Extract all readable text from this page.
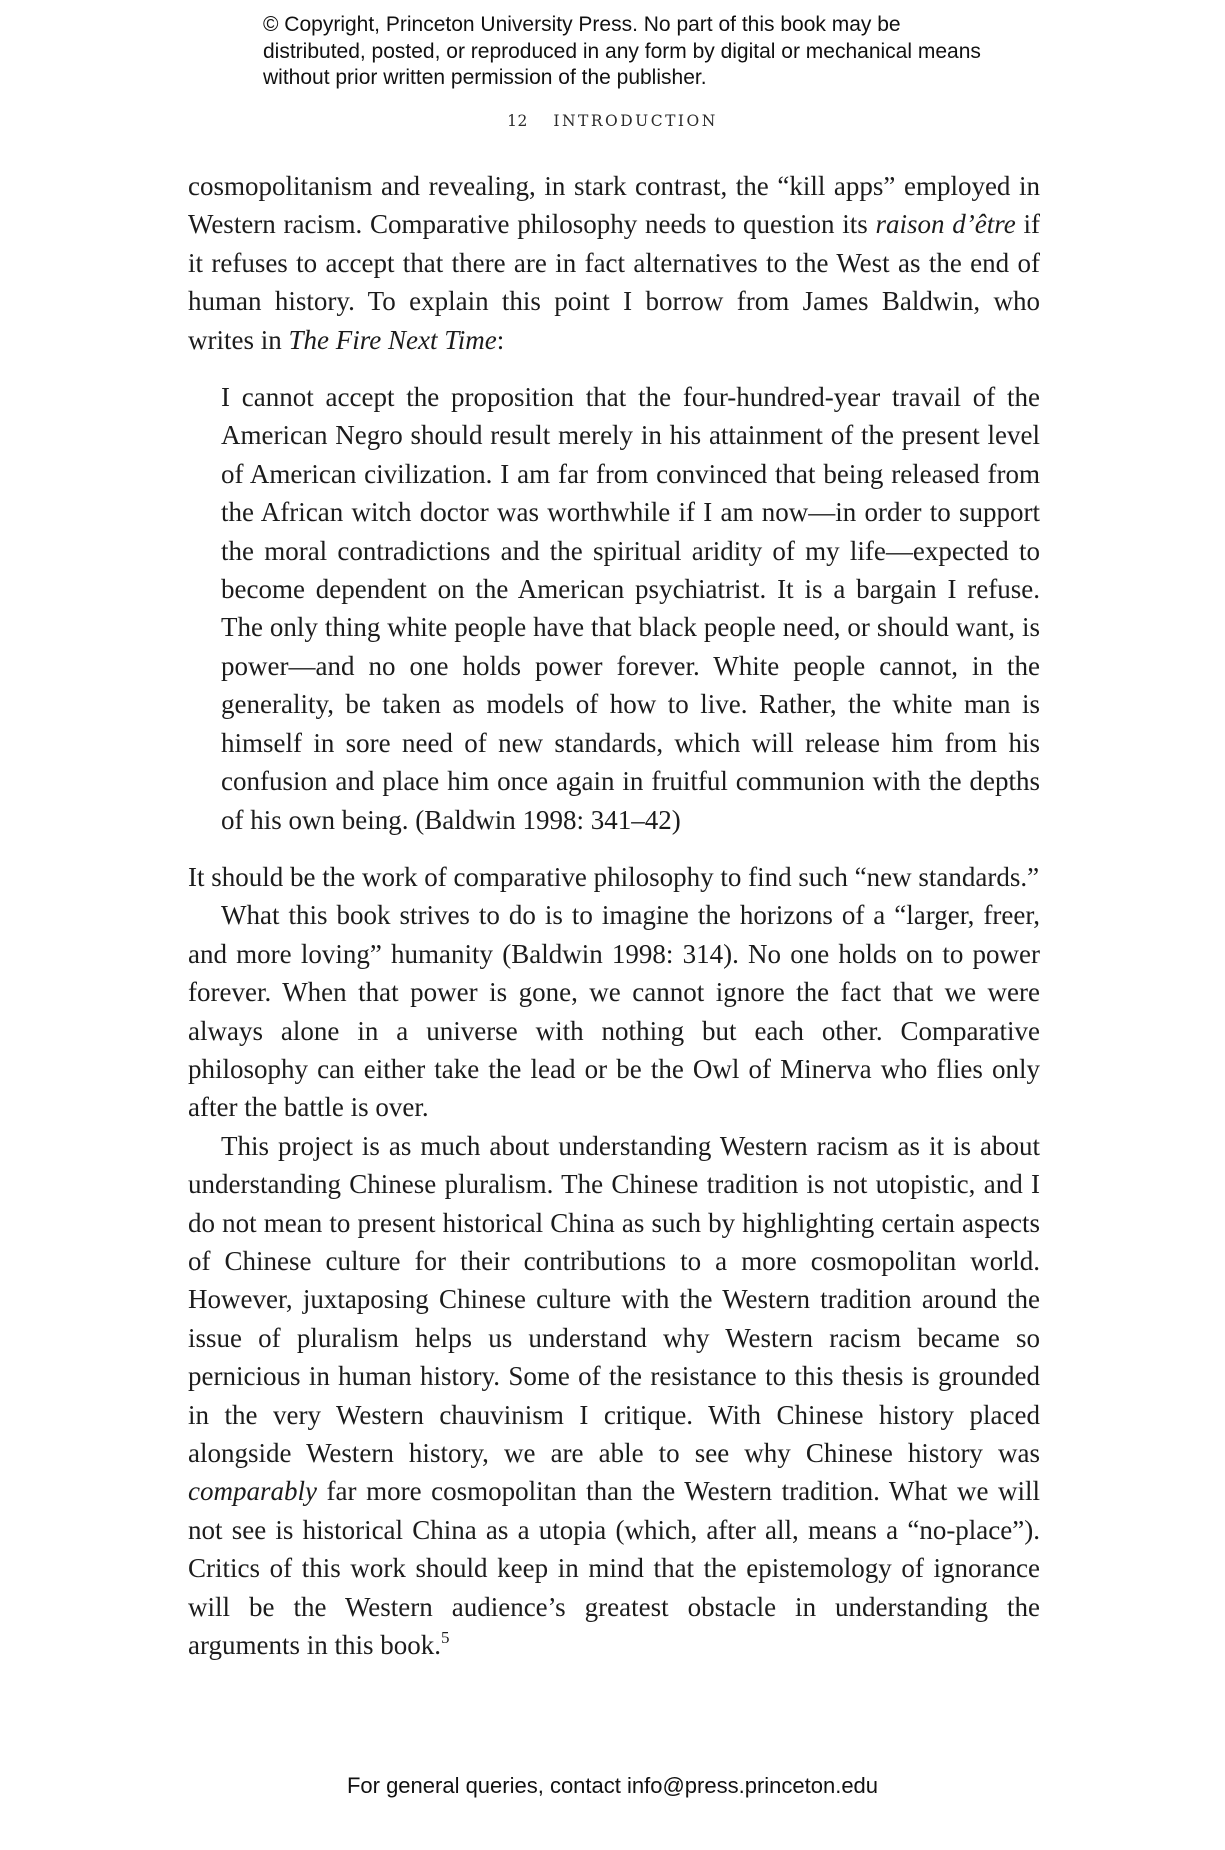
© Copyright, Princeton University Press. No part of this book may be distributed, posted, or reproduced in any form by digital or mechanical means without prior written permission of the publisher.
12 INTRODUCTION

cosmopolitanism and revealing, in stark contrast, the “kill apps” employed in Western racism. Comparative philosophy needs to question its raison d’être if it refuses to accept that there are in fact alternatives to the West as the end of human history. To explain this point I borrow from James Baldwin, who writes in The Fire Next Time:

I cannot accept the proposition that the four-hundred-year travail of the American Negro should result merely in his attainment of the present level of American civilization. I am far from convinced that being released from the African witch doctor was worthwhile if I am now—in order to support the moral contradictions and the spiritual aridity of my life—expected to become dependent on the American psychiatrist. It is a bargain I refuse. The only thing white people have that black people need, or should want, is power—and no one holds power forever. White people cannot, in the generality, be taken as models of how to live. Rather, the white man is himself in sore need of new standards, which will release him from his confusion and place him once again in fruitful communion with the depths of his own being. (Baldwin 1998: 341–42)

It should be the work of comparative philosophy to find such “new standards.”

What this book strives to do is to imagine the horizons of a “larger, freer, and more loving” humanity (Baldwin 1998: 314). No one holds on to power forever. When that power is gone, we cannot ignore the fact that we were always alone in a universe with nothing but each other. Comparative philosophy can either take the lead or be the Owl of Minerva who flies only after the battle is over.

This project is as much about understanding Western racism as it is about understanding Chinese pluralism. The Chinese tradition is not utopistic, and I do not mean to present historical China as such by highlighting certain aspects of Chinese culture for their contributions to a more cosmopolitan world. However, juxtaposing Chinese culture with the Western tradition around the issue of pluralism helps us understand why Western racism became so pernicious in human history. Some of the resistance to this thesis is grounded in the very Western chauvinism I critique. With Chinese history placed alongside Western history, we are able to see why Chinese history was comparably far more cosmopolitan than the Western tradition. What we will not see is historical China as a utopia (which, after all, means a “no-place”). Critics of this work should keep in mind that the epistemology of ignorance will be the Western audience’s greatest obstacle in understanding the arguments in this book.$^5$

For general queries, contact info@press.princeton.edu
